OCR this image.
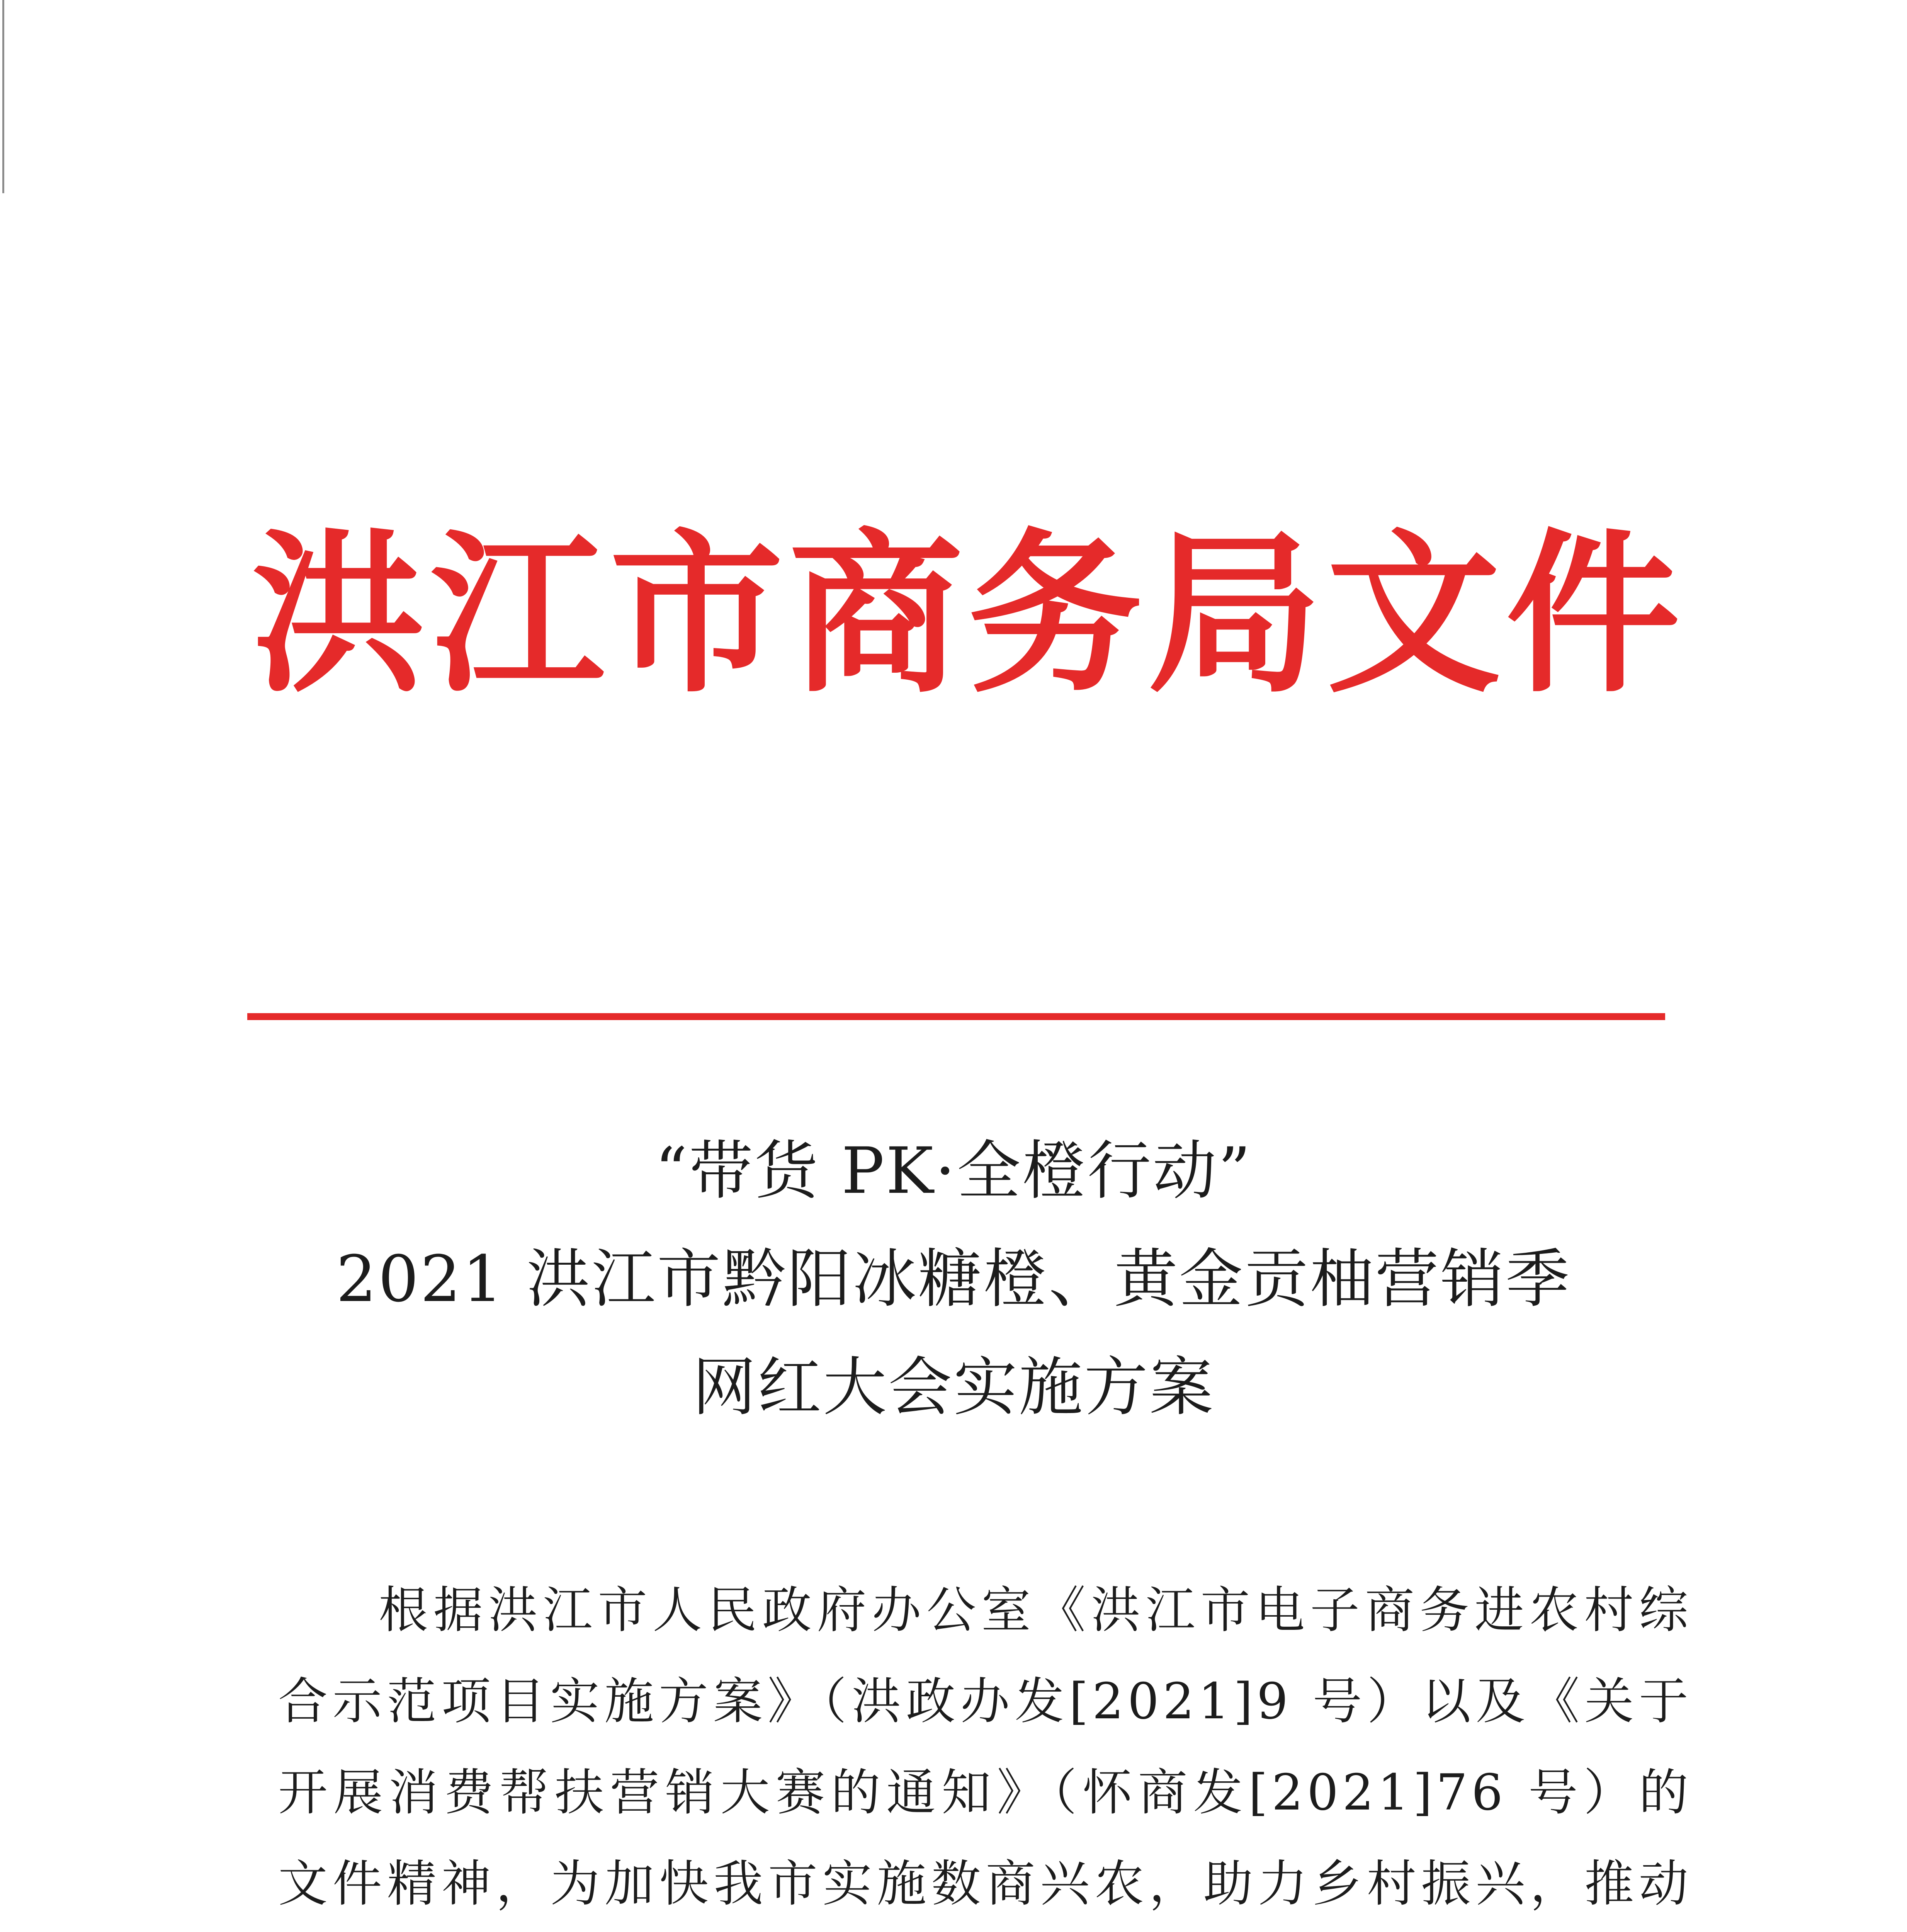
洪江市商务局文件
“带货 PK·全橙行动”
2021 洪江市黔阳冰糖橙、黄金贡柚营销季
网红大会实施方案
根据洪江市人民政府办公室《洪江市电子商务进农村综合示范项目实施方案》（洪政办发[2021]9 号）以及《关于开展消费帮扶营销大赛的通知》（怀商发[2021]76 号）的文件精神，为加快我市实施数商兴农，助力乡村振兴，推动
